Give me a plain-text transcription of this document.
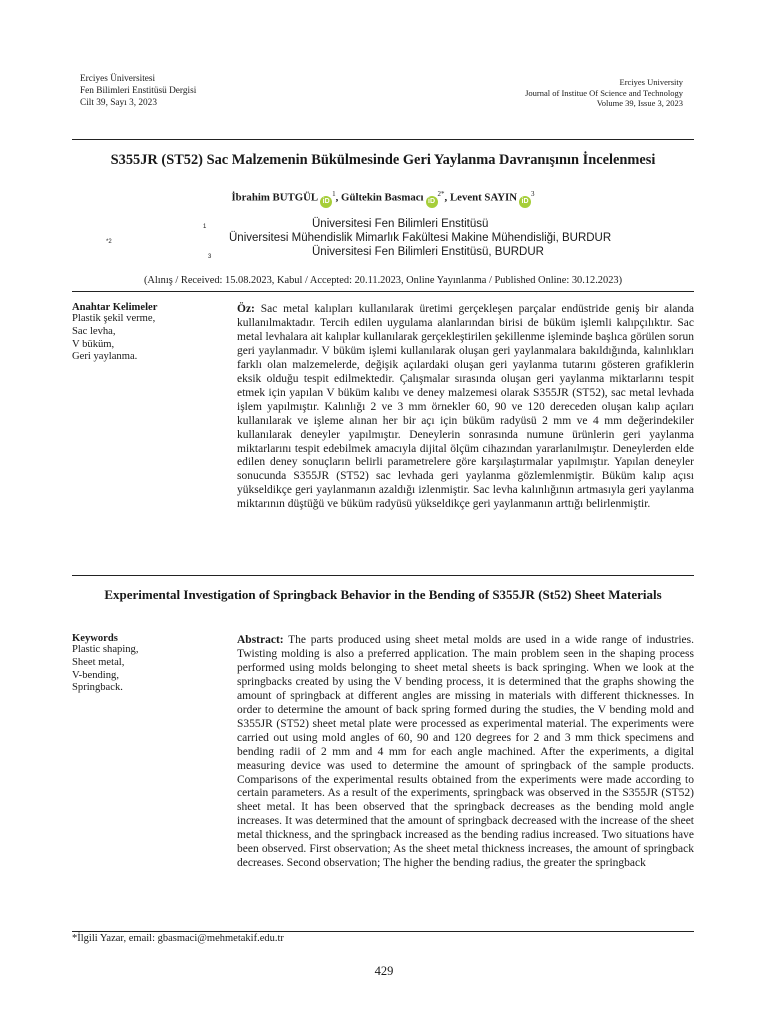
Erciyes Üniversitesi
Fen Bilimleri Enstitüsü Dergisi
Cilt 39, Sayı 3, 2023
Erciyes University
Journal of Institue Of Science and Technology
Volume 39, Issue 3, 2023
S355JR (ST52) Sac Malzemenin Bükülmesinde Geri Yaylanma Davranışının İncelenmesi
İbrahim BUTGÜL $iD^1$, Gültekin Basmacı $iD^{2*}$, Levent SAYIN $iD^3$
1	Üniversitesi Fen Bilimleri Enstitüsü
*2	Üniversitesi Mühendislik Mimarlık Fakültesi Makine Mühendisliği, BURDUR
3	Üniversitesi Fen Bilimleri Enstitüsü, BURDUR
(Alınış / Received: 15.08.2023, Kabul / Accepted: 20.11.2023, Online Yayınlanma / Published Online: 30.12.2023)
Anahtar Kelimeler
Plastik şekil verme,
Sac levha,
V büküm,
Geri yaylanma.
Öz: Sac metal kalıpları kullanılarak üretimi gerçekleşen parçalar endüstride geniş bir alanda kullanılmaktadır. Tercih edilen uygulama alanlarından birisi de büküm işlemli kalıpçılıktır. Sac metal levhalara ait kalıplar kullanılarak gerçekleştirilen şekillenme işleminde başlıca görülen sorun geri yaylanmadır. V büküm işlemi kullanılarak oluşan geri yaylanmalara bakıldığında, kalınlıkları farklı olan malzemelerde, değişik açılardaki oluşan geri yaylanma tutarını gösteren grafiklerin eksik olduğu tespit edilmektedir. Çalışmalar sırasında oluşan geri yaylanma miktarlarını tespit etmek için yapılan V büküm kalıbı ve deney malzemesi olarak S355JR (ST52), sac metal levhada işlem yapılmıştır. Kalınlığı 2 ve 3 mm örnekler 60, 90 ve 120 dereceden oluşan kalıp açıları kullanılarak ve işleme alınan her bir açı için büküm radyüsü 2 mm ve 4 mm değerindekiler kullanılarak deneyler yapılmıştır. Deneylerin sonrasında numune ürünlerin geri yaylanma miktarlarını tespit edebilmek amacıyla dijital ölçüm cihazından yararlanılmıştır. Deneylerden elde edilen deney sonuçların belirli parametrelere göre karşılaştırmalar yapılmıştır. Yapılan deneyler sonucunda S355JR (ST52) sac levhada geri yaylanma gözlemlenmiştir. Büküm kalıp açısı yükseldikçe geri yaylanmanın azaldığı izlenmiştir. Sac levha kalınlığının artmasıyla geri yaylanma miktarının düştüğü ve büküm radyüsü yükseldikçe geri yaylanmanın arttığı belirlenmiştir.
Experimental Investigation of Springback Behavior in the Bending of S355JR (St52) Sheet Materials
Keywords
Plastic shaping,
Sheet metal,
V-bending,
Springback.
Abstract: The parts produced using sheet metal molds are used in a wide range of industries. Twisting molding is also a preferred application. The main problem seen in the shaping process performed using molds belonging to sheet metal sheets is back springing. When we look at the springbacks created by using the V bending process, it is determined that the graphs showing the amount of springback at different angles are missing in materials with different thicknesses. In order to determine the amount of back spring formed during the studies, the V bending mold and S355JR (ST52) sheet metal plate were processed as experimental material. The experiments were carried out using mold angles of 60, 90 and 120 degrees for 2 and 3 mm thick specimens and bending radii of 2 mm and 4 mm for each angle machined. After the experiments, a digital measuring device was used to determine the amount of springback of the sample products. Comparisons of the experimental results obtained from the experiments were made according to certain parameters. As a result of the experiments, springback was observed in the S355JR (ST52) sheet metal. It has been observed that the springback decreases as the bending mold angle increases. It was determined that the amount of springback decreased with the increase of the sheet metal thickness, and the springback increased as the bending radius increased. Two situations have been observed. First observation; As the sheet metal thickness increases, the amount of springback decreases. Second observation; The higher the bending radius, the greater the springback
*İlgili Yazar, email: gbasmaci@mehmetakif.edu.tr
429
